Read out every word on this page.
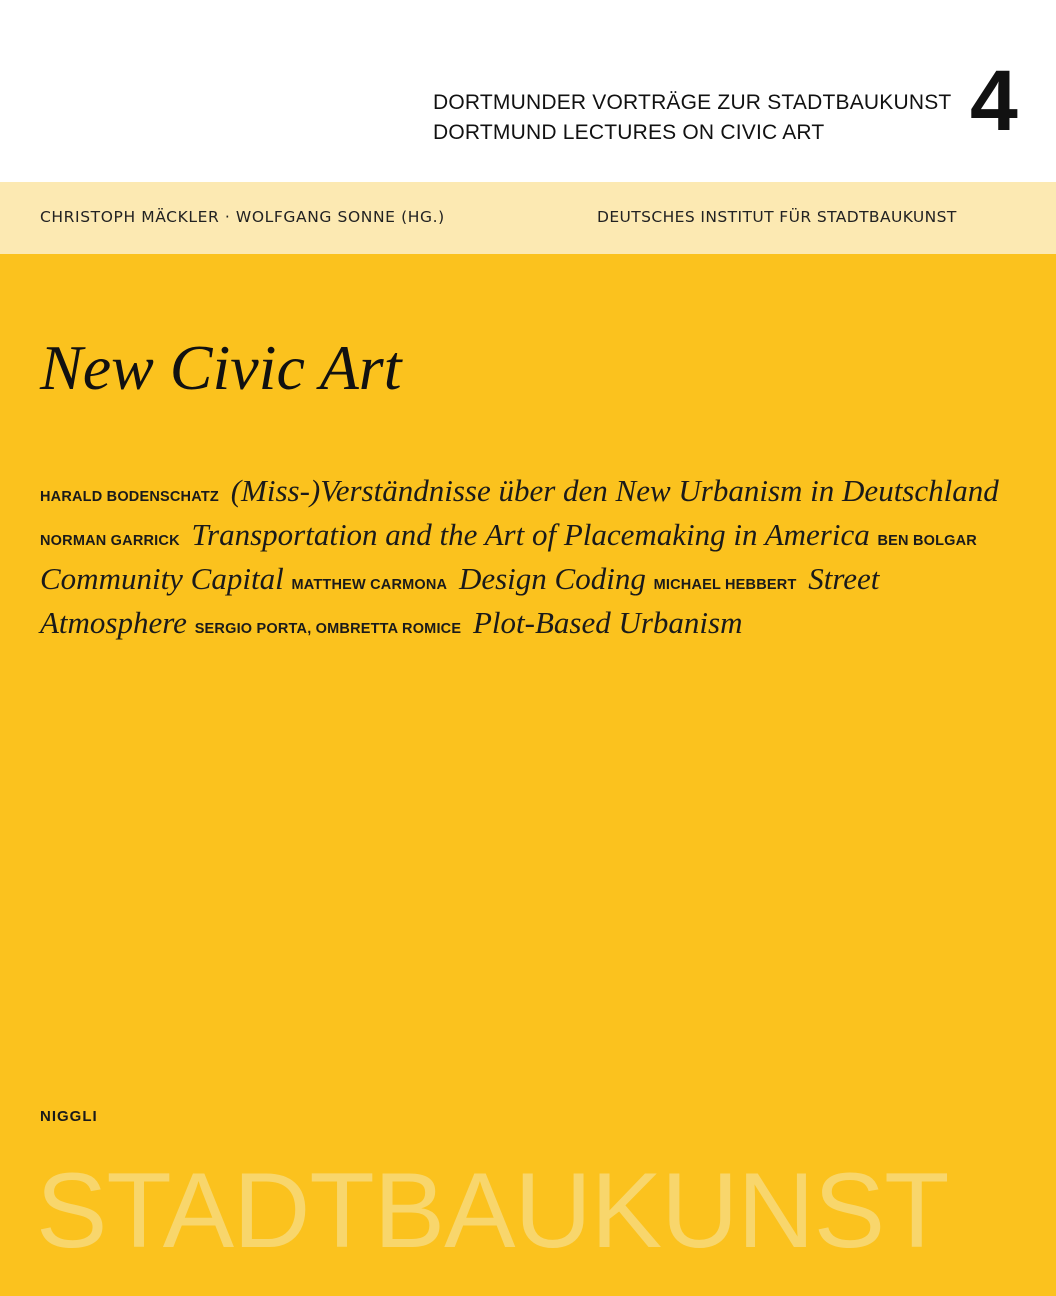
DORTMUNDER VORTRÄGE ZUR STADTBAUKUNST
DORTMUND LECTURES ON CIVIC ART	4
CHRISTOPH MÄCKLER · WOLFGANG SONNE (HG.)	DEUTSCHES INSTITUT FÜR STADTBAUKUNST
New Civic Art
HARALD BODENSCHATZ (Miss-)Verständnisse über den New Urbanism in Deutschland NORMAN GARRICK Transportation and the Art of Placemaking in America BEN BOLGAR Community Capital MATTHEW CARMONA Design Coding MICHAEL HEBBERT Street Atmosphere SERGIO PORTA, OMBRETTA ROMICE Plot-Based Urbanism
NIGGLI
STADTBAUKUNST
